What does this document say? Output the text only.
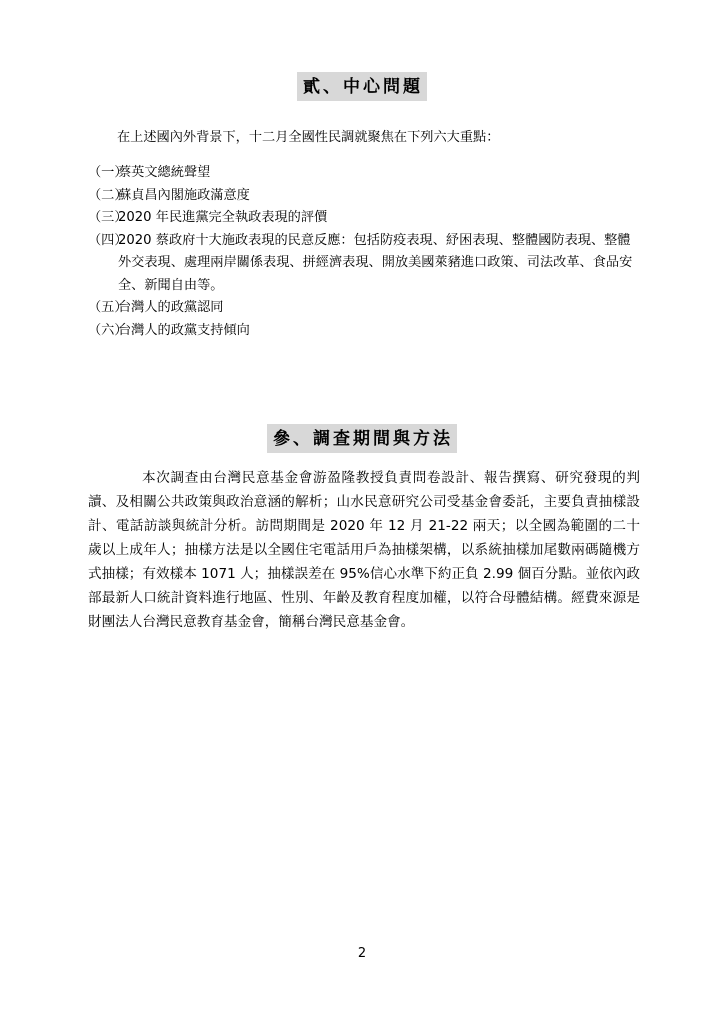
貳、中心問題
在上述國內外背景下，十二月全國性民調就聚焦在下列六大重點：
（一）
蔡英文總統聲望
（二）
蘇貞昌內閣施政滿意度
（三）
2020 年民進黨完全執政表現的評價
（四）
2020 蔡政府十大施政表現的民意反應：包括防疫表現、紓困表現、整體國防表現、整體外交表現、處理兩岸關係表現、拼經濟表現、開放美國萊豬進口政策、司法改革、食品安全、新聞自由等。
（五）
台灣人的政黨認同
（六）
台灣人的政黨支持傾向
參、調查期間與方法

本次調查由台灣民意基金會游盈隆教授負責問卷設計、報告撰寫、研究發現的判讀、及相關公共政策與政治意涵的解析；山水民意研究公司受基金會委託，主要負責抽樣設計、電話訪談與統計分析。訪問期間是 2020 年 12 月 21-22 兩天；以全國為範圍的二十歲以上成年人；抽樣方法是以全國住宅電話用戶為抽樣架構，以系統抽樣加尾數兩碼隨機方式抽樣；有效樣本 1071 人；抽樣誤差在 95%信心水準下約正負 2.99 個百分點。並依內政部最新人口統計資料進行地區、性別、年齡及教育程度加權，以符合母體結構。經費來源是財團法人台灣民意教育基金會，簡稱台灣民意基金會。

2
